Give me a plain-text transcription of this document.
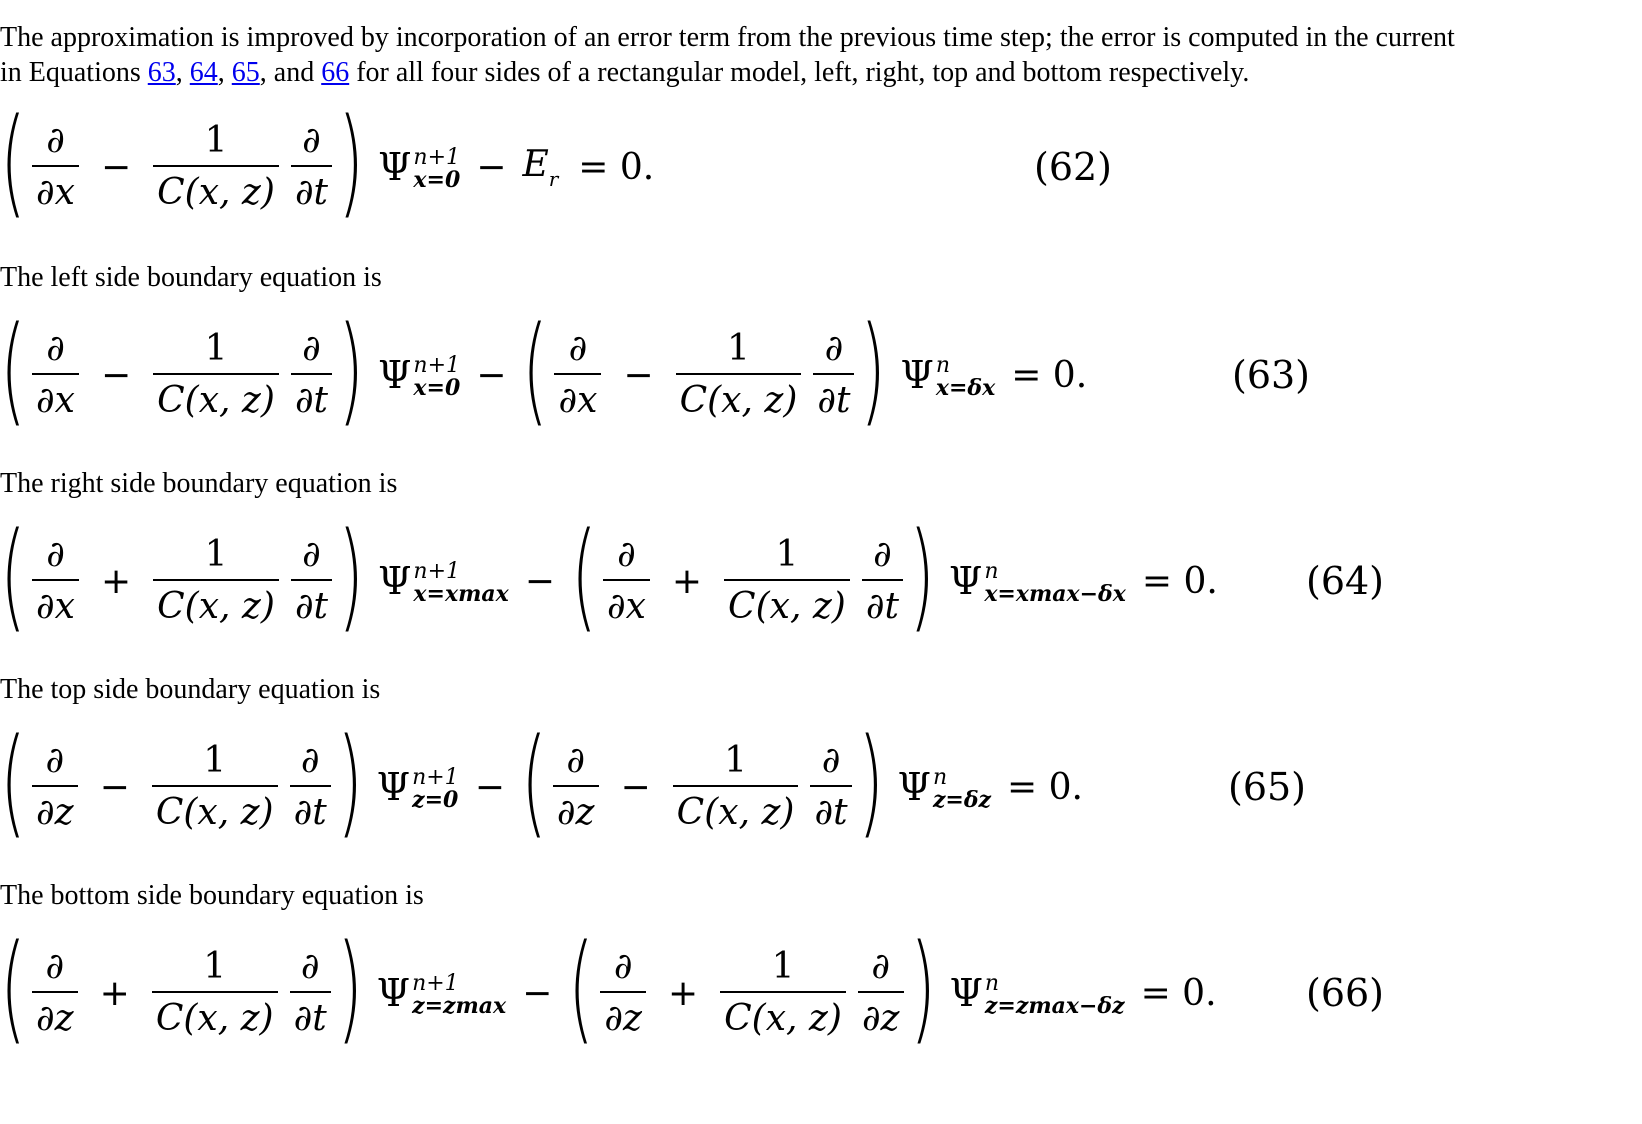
The approximation is improved by incorporation of an error term from the previous time step; the error is computed in the current
in Equations 63, 64, 65, and 66 for all four sides of a rectangular model, left, right, top and bottom respectively.
( $\frac{\partial}{\partial x} - \frac{1}{C(x, z)} \frac{\partial}{\partial t}$ ) Ψ n+1
$x=0 - E_r = 0$.	(62)
The left side boundary equation is
( $\frac{\partial}{\partial x} - \frac{1}{C(x, z)} \frac{\partial}{\partial t}$ ) Ψ n+1
x=0 − ( $\frac{\partial}{\partial x} - \frac{1}{C(x, z)} \frac{\partial}{\partial t}$ ) Ψ n
x=δx = 0.	(63)
The right side boundary equation is
( $\frac{\partial}{\partial x} + \frac{1}{C(x, z)} \frac{\partial}{\partial t}$ ) Ψ n+1
x=xmax − ( $\frac{\partial}{\partial x} + \frac{1}{C(x, z)} \frac{\partial}{\partial t}$ ) Ψ n
x=xmax−δx = 0. (64)
The top side boundary equation is
( $\frac{\partial}{\partial z} - \frac{1}{C(x, z)} \frac{\partial}{\partial t}$ ) Ψ n+1
z=0 − ( $\frac{\partial}{\partial z} - \frac{1}{C(x, z)} \frac{\partial}{\partial t}$ ) Ψ n
z=δz = 0.	(65)
The bottom side boundary equation is
( $\frac{\partial}{\partial z} + \frac{1}{C(x, z)} \frac{\partial}{\partial t}$ ) Ψ n+1
z=zmax − ( $\frac{\partial}{\partial z} + \frac{1}{C(x, z)} \frac{\partial}{\partial z}$ ) Ψ n
z=zmax−δz = 0. (66)
